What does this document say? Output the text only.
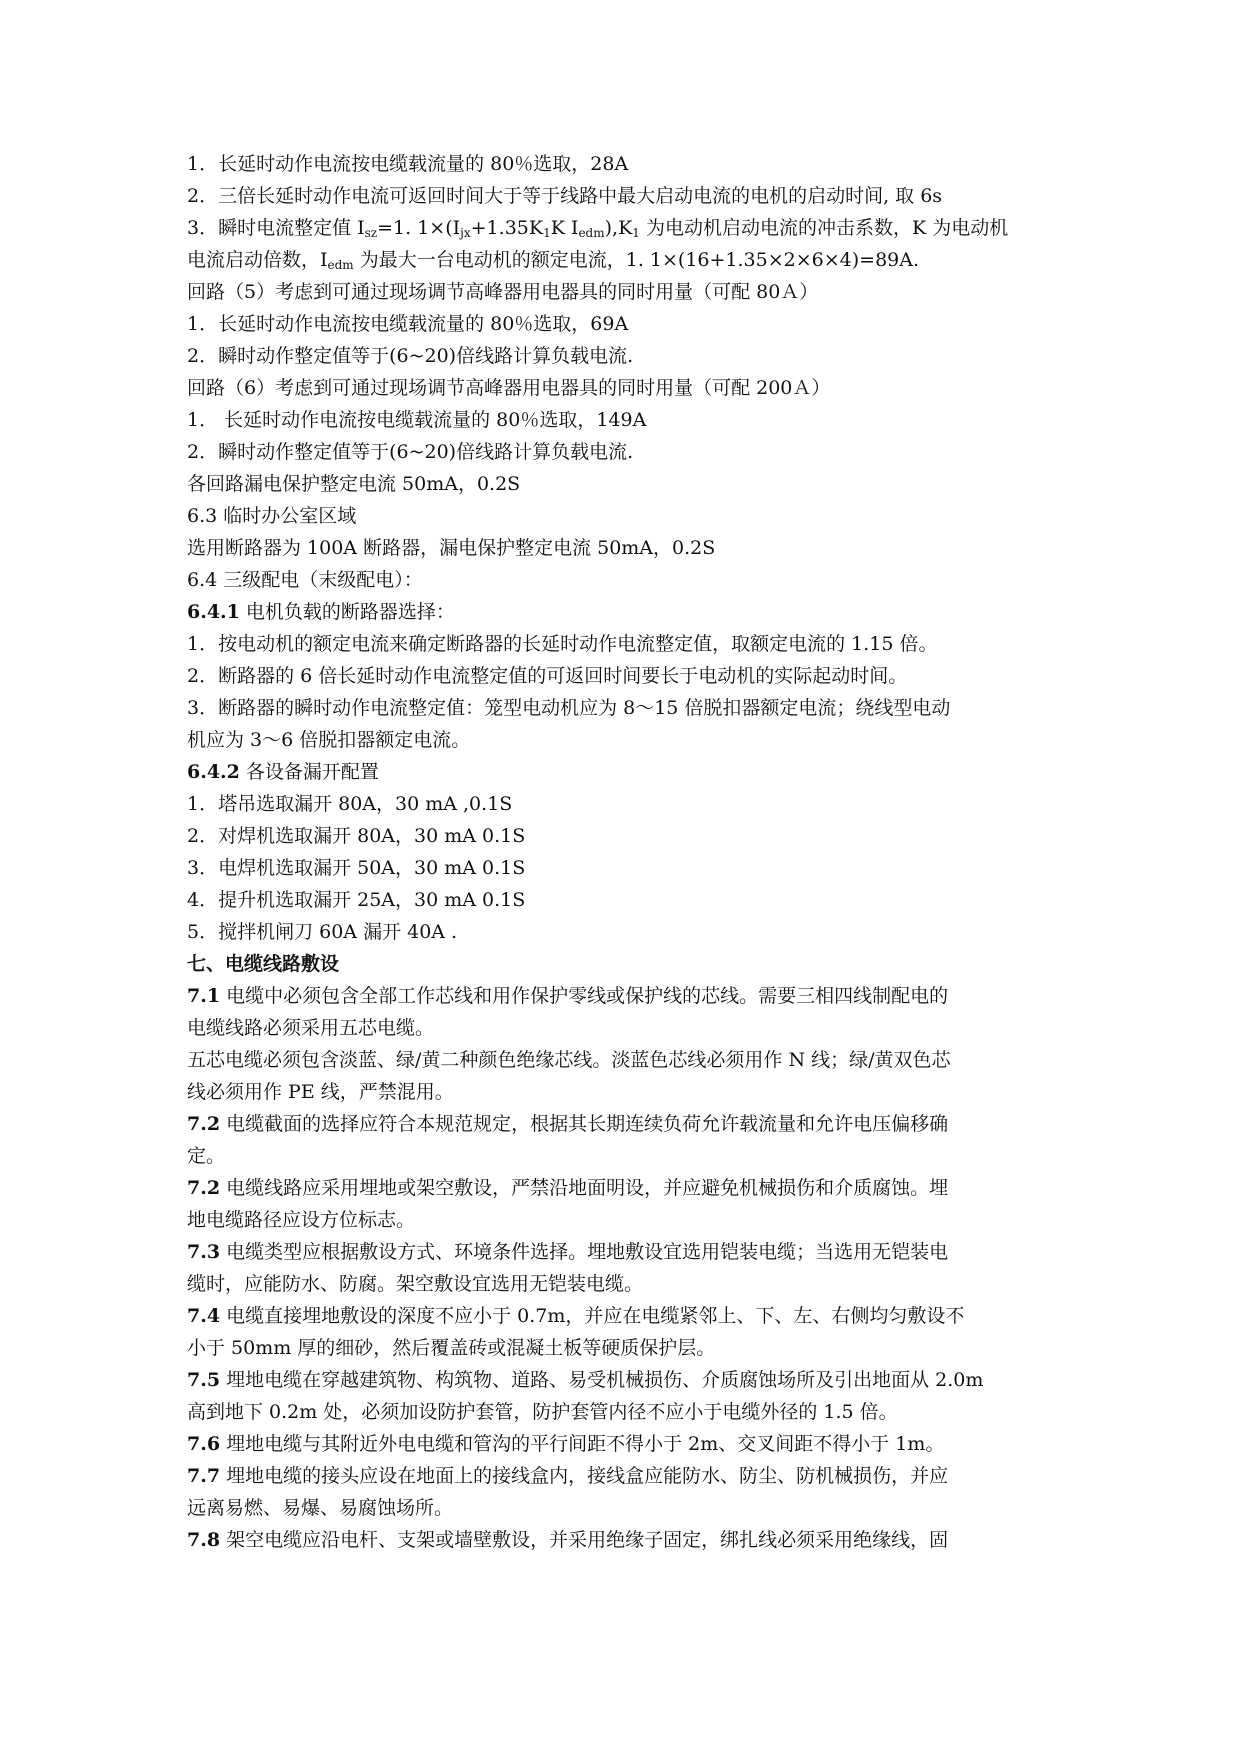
1．长延时动作电流按电缆载流量的 80％选取，28A
2．三倍长延时动作电流可返回时间大于等于线路中最大启动电流的电机的启动时间, 取 6s
3．瞬时电流整定值 $I_{sz}=1$. $1\times(I_{jx}+1.35K_1K$ $I_{edm}),K_1$ 为电动机启动电流的冲击系数，K 为电动机
电流启动倍数，$I_{edm}$ 为最大一台电动机的额定电流，1. 1×(16+1.35×2×6×4)=89A.
回路（5）考虑到可通过现场调节高峰器用电器具的同时用量（可配 80Ａ）
1．长延时动作电流按电缆载流量的 80％选取，69A
2．瞬时动作整定值等于(6~20)倍线路计算负载电流.
回路（6）考虑到可通过现场调节高峰器用电器具的同时用量（可配 200Ａ）
1． 长延时动作电流按电缆载流量的 80％选取，149A
2．瞬时动作整定值等于(6~20)倍线路计算负载电流.
各回路漏电保护整定电流 50mA，0.2S
6.3 临时办公室区域
选用断路器为 100A 断路器，漏电保护整定电流 50mA，0.2S
6.4 三级配电（末级配电）：
6.4.1 电机负载的断路器选择：
1．按电动机的额定电流来确定断路器的长延时动作电流整定值，取额定电流的 1.15 倍。
2．断路器的 6 倍长延时动作电流整定值的可返回时间要长于电动机的实际起动时间。
3．断路器的瞬时动作电流整定值：笼型电动机应为 8～15 倍脱扣器额定电流；绕线型电动
机应为 3～6 倍脱扣器额定电流。
6.4.2 各设备漏开配置
1．塔吊选取漏开 80A，30 mA ,0.1S
2．对焊机选取漏开 80A，30 mA 0.1S
3．电焊机选取漏开 50A，30 mA 0.1S
4．提升机选取漏开 25A，30 mA 0.1S
5．搅拌机闸刀 60A 漏开 40A .
七、电缆线路敷设
7.1 电缆中必须包含全部工作芯线和用作保护零线或保护线的芯线。需要三相四线制配电的
电缆线路必须采用五芯电缆。
五芯电缆必须包含淡蓝、绿/黄二种颜色绝缘芯线。淡蓝色芯线必须用作 N 线；绿/黄双色芯
线必须用作 PE 线，严禁混用。
7.2 电缆截面的选择应符合本规范规定，根据其长期连续负荷允许载流量和允许电压偏移确
定。
7.2 电缆线路应采用埋地或架空敷设，严禁沿地面明设，并应避免机械损伤和介质腐蚀。埋
地电缆路径应设方位标志。
7.3 电缆类型应根据敷设方式、环境条件选择。埋地敷设宜选用铠装电缆；当选用无铠装电
缆时，应能防水、防腐。架空敷设宜选用无铠装电缆。
7.4 电缆直接埋地敷设的深度不应小于 0.7m，并应在电缆紧邻上、下、左、右侧均匀敷设不
小于 50mm 厚的细砂，然后覆盖砖或混凝土板等硬质保护层。
7.5 埋地电缆在穿越建筑物、构筑物、道路、易受机械损伤、介质腐蚀场所及引出地面从 2.0m
高到地下 0.2m 处，必须加设防护套管，防护套管内径不应小于电缆外径的 1.5 倍。
7.6 埋地电缆与其附近外电电缆和管沟的平行间距不得小于 2m、交叉间距不得小于 1m。
7.7 埋地电缆的接头应设在地面上的接线盒内，接线盒应能防水、防尘、防机械损伤，并应
远离易燃、易爆、易腐蚀场所。
7.8 架空电缆应沿电杆、支架或墙壁敷设，并采用绝缘子固定，绑扎线必须采用绝缘线，固
